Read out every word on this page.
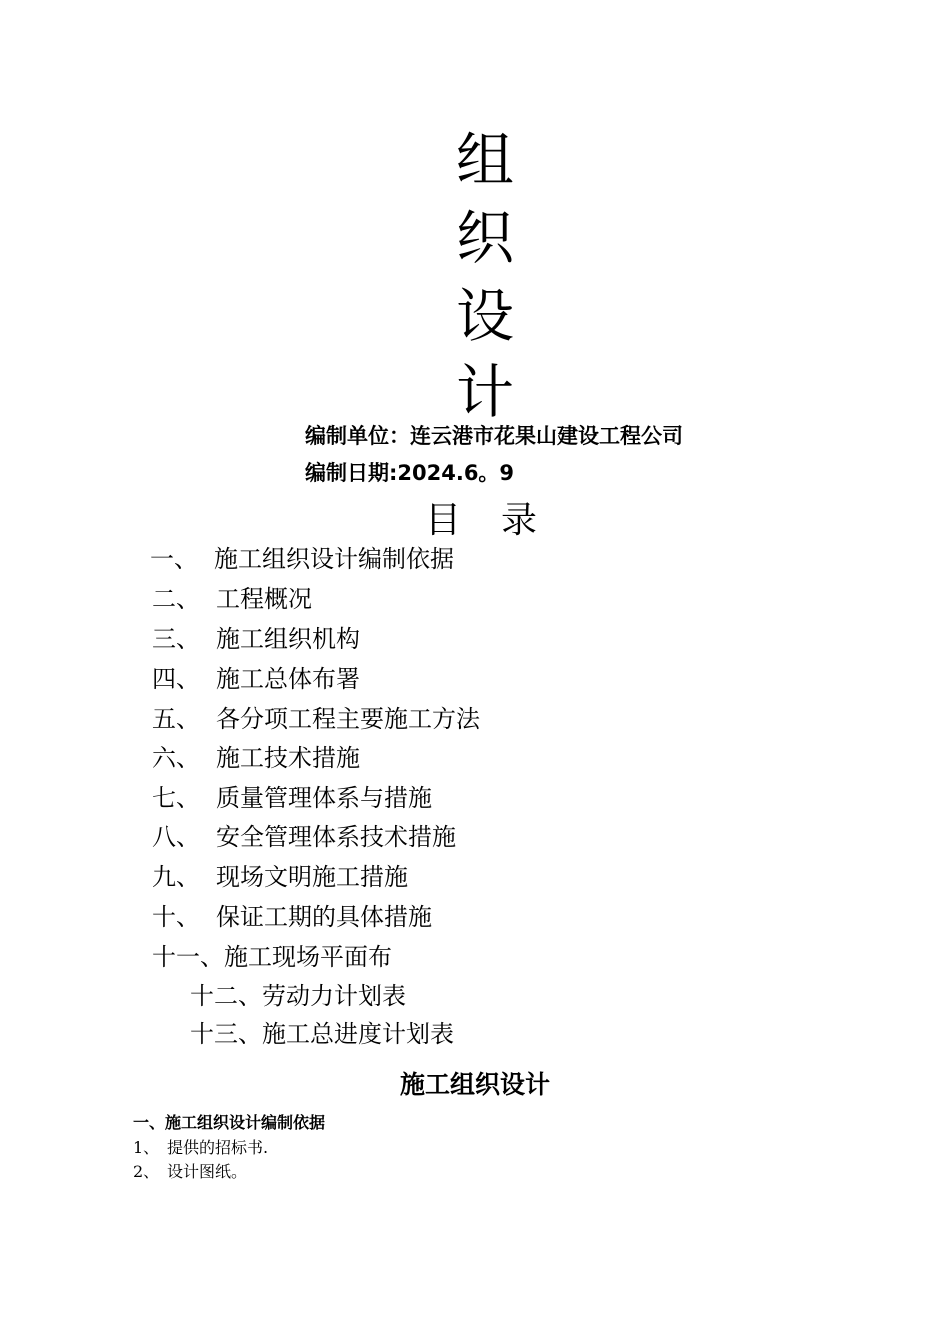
组
织
设
计
编制单位：连云港市花果山建设工程公司
编制日期:2024.6。9
目录
一、 施工组织设计编制依据
二、 工程概况
三、 施工组织机构
四、 施工总体布署
五、 各分项工程主要施工方法
六、 施工技术措施
七、 质量管理体系与措施
八、 安全管理体系技术措施
九、 现场文明施工措施
十、 保证工期的具体措施
十一、施工现场平面布
十二、劳动力计划表
十三、施工总进度计划表
施工组织设计
一、施工组织设计编制依据
1、 提供的招标书.
2、 设计图纸。
